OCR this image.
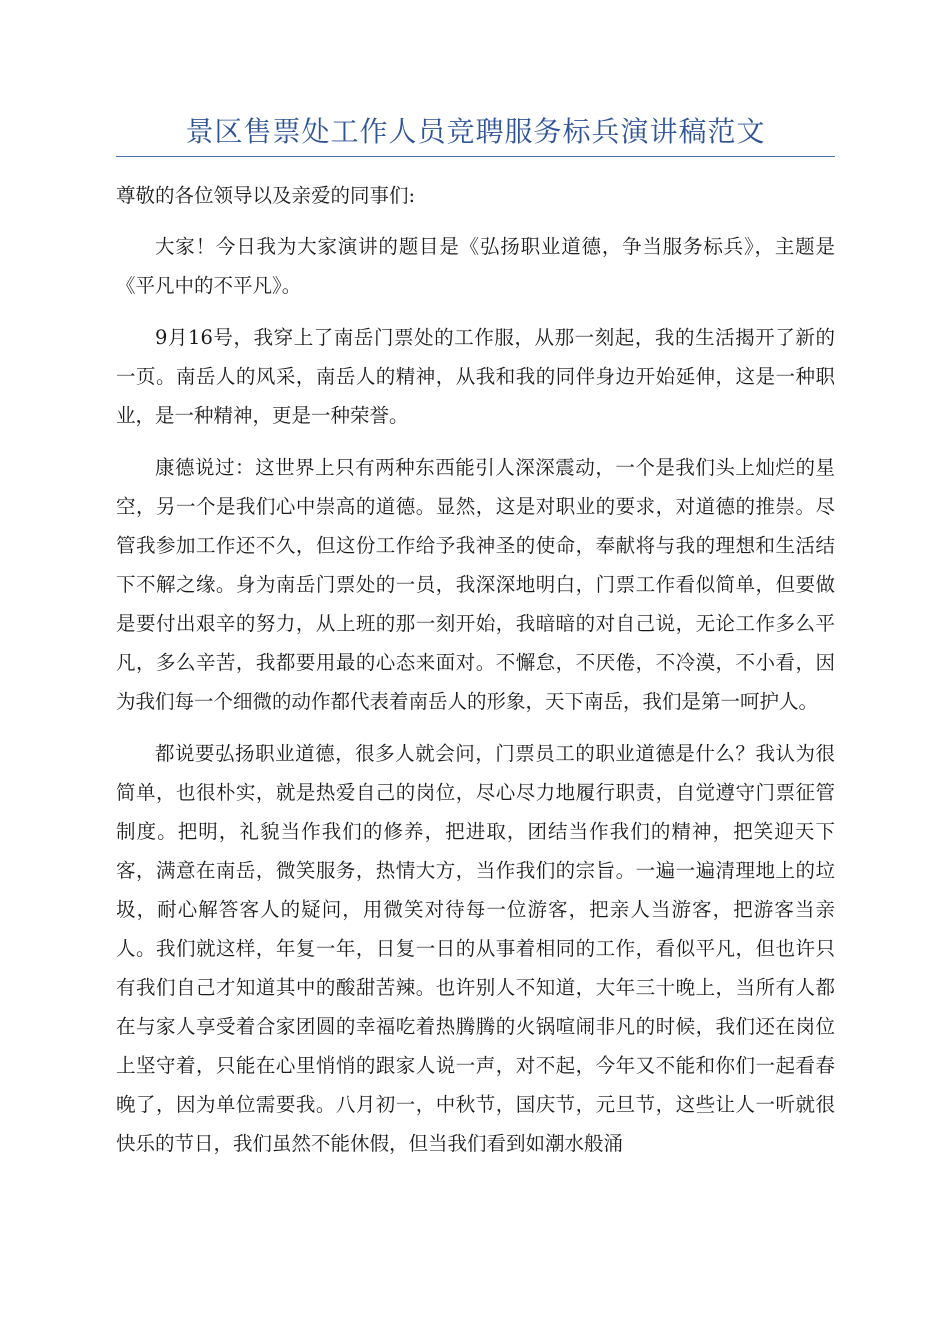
景区售票处工作人员竞聘服务标兵演讲稿范文

尊敬的各位领导以及亲爱的同事们:

大家！今日我为大家演讲的题目是《弘扬职业道德，争当服务标兵》，主题是《平凡中的不平凡》。

9月16号，我穿上了南岳门票处的工作服，从那一刻起，我的生活揭开了新的一页。南岳人的风采，南岳人的精神，从我和我的同伴身边开始延伸，这是一种职业，是一种精神，更是一种荣誉。

康德说过：这世界上只有两种东西能引人深深震动，一个是我们头上灿烂的星空，另一个是我们心中崇高的道德。显然，这是对职业的要求，对道德的推崇。尽管我参加工作还不久，但这份工作给予我神圣的使命，奉献将与我的理想和生活结下不解之缘。身为南岳门票处的一员，我深深地明白，门票工作看似简单，但要做是要付出艰辛的努力，从上班的那一刻开始，我暗暗的对自己说，无论工作多么平凡，多么辛苦，我都要用最的心态来面对。不懈怠，不厌倦，不冷漠，不小看，因为我们每一个细微的动作都代表着南岳人的形象，天下南岳，我们是第一呵护人。

都说要弘扬职业道德，很多人就会问，门票员工的职业道德是什么？我认为很简单，也很朴实，就是热爱自己的岗位，尽心尽力地履行职责，自觉遵守门票征管制度。把明，礼貌当作我们的修养，把进取，团结当作我们的精神，把笑迎天下客，满意在南岳，微笑服务，热情大方，当作我们的宗旨。一遍一遍清理地上的垃圾，耐心解答客人的疑问，用微笑对待每一位游客，把亲人当游客，把游客当亲人。我们就这样，年复一年，日复一日的从事着相同的工作，看似平凡，但也许只有我们自己才知道其中的酸甜苦辣。也许别人不知道，大年三十晚上，当所有人都在与家人享受着合家团圆的幸福吃着热腾腾的火锅喧闹非凡的时候，我们还在岗位上坚守着，只能在心里悄悄的跟家人说一声，对不起，今年又不能和你们一起看春晚了，因为单位需要我。八月初一，中秋节，国庆节，元旦节，这些让人一听就很快乐的节日，我们虽然不能休假，但当我们看到如潮水般涌
